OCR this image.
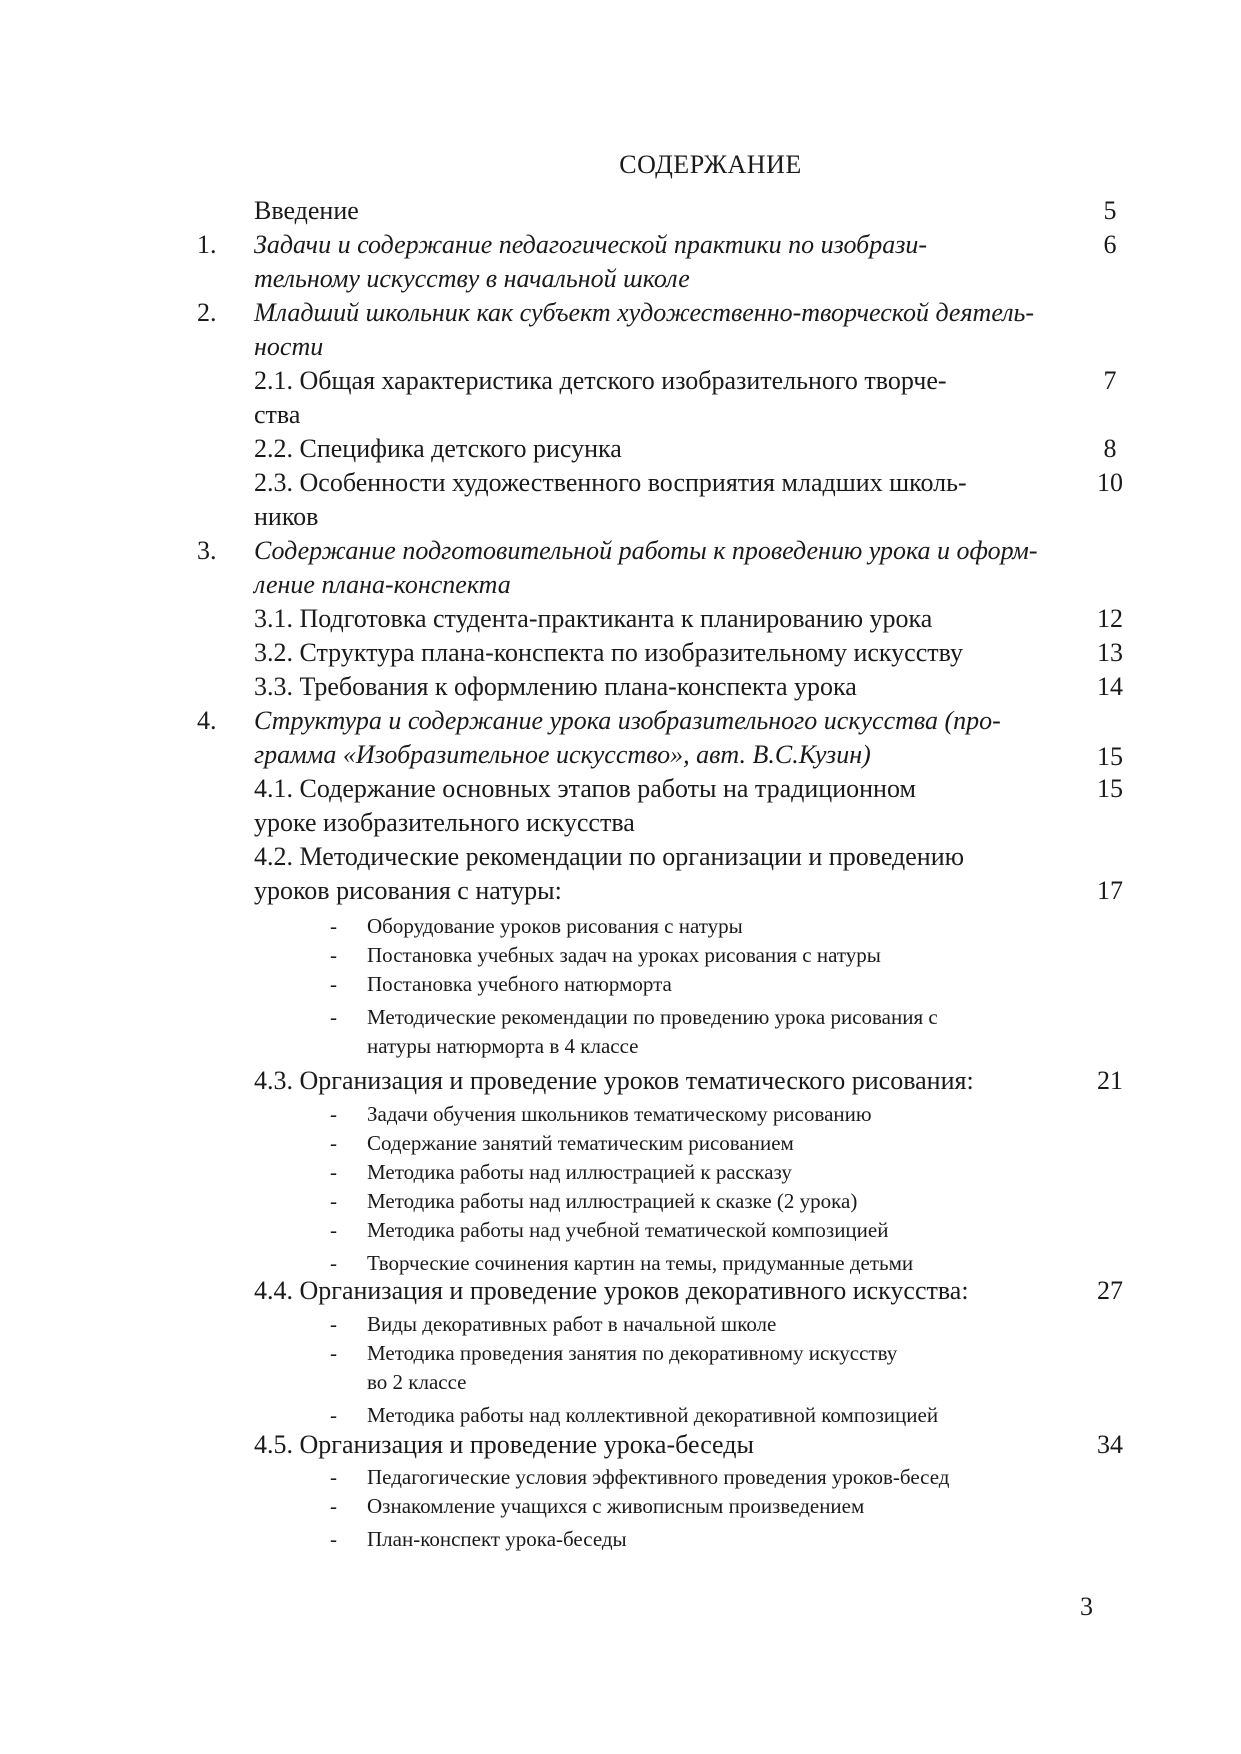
СОДЕРЖАНИЕ
Введение	5
1. Задачи и содержание педагогической практики по изобрази-	6
тельному искусству в начальной школе
2. Младший школьник как субъект художественно-творческой деятель-
ности
2.1. Общая характеристика детского изобразительного творче-	7
ства
2.2. Специфика детского рисунка	8
2.3. Особенности художественного восприятия младших школь-	10
ников
3. Содержание подготовительной работы к проведению урока и оформ-
ление плана-конспекта
3.1. Подготовка студента-практиканта к планированию урока	12
3.2. Структура плана-конспекта по изобразительному искусству	13
3.3. Требования к оформлению плана-конспекта урока	14
4. Структура и содержание урока изобразительного искусства (про-
грамма «Изобразительное искусство», авт. В.С.Кузин)	15
4.1. Содержание основных этапов работы на традиционном	15
уроке изобразительного искусства
4.2. Методические рекомендации по организации и проведению
уроков рисования с натуры:	17
- Оборудование уроков рисования с натуры
- Постановка учебных задач на уроках рисования с натуры
- Постановка учебного натюрморта
- Методические рекомендации по проведению урока рисования с
натуры натюрморта в 4 классе
4.3. Организация и проведение уроков тематического рисования:	21
- Задачи обучения школьников тематическому рисованию
- Содержание занятий тематическим рисованием
- Методика работы над иллюстрацией к рассказу
- Методика работы над иллюстрацией к сказке (2 урока)
- Методика работы над учебной тематической композицией
- Творческие сочинения картин на темы, придуманные детьми
4.4. Организация и проведение уроков декоративного искусства:	27
- Виды декоративных работ в начальной школе
- Методика проведения занятия по декоративному искусству
во 2 классе
- Методика работы над коллективной декоративной композицией
4.5. Организация и проведение урока-беседы	34
- Педагогические условия эффективного проведения уроков-бесед
- Ознакомление учащихся с живописным произведением
- План-конспект урока-беседы
3
